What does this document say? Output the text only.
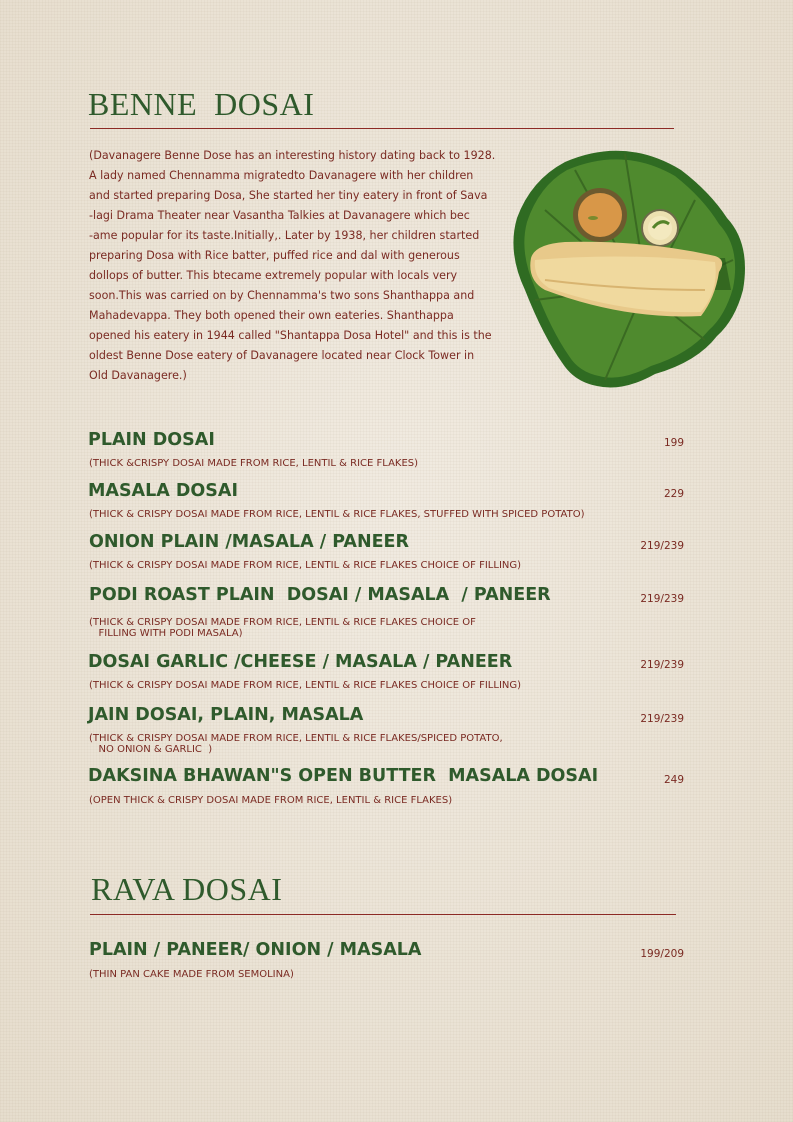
BENNE  DOSAI
(Davanagere Benne Dose has an interesting history dating back to 1928.
A lady named Chennamma migratedto Davanagere with her children
and started preparing Dosa, She started her tiny eatery in front of Sava
-lagi Drama Theater near Vasantha Talkies at Davanagere which bec
-ame popular for its taste.Initially,. Later by 1938, her children started
preparing Dosa with Rice batter, puffed rice and dal with generous
dollops of butter. This btecame extremely popular with locals very
soon.This was carried on by Chennamma's two sons Shanthappa and
Mahadevappa. They both opened their own eateries. Shanthappa
opened his eatery in 1944 called "Shantappa Dosa Hotel" and this is the
oldest Benne Dose eatery of Davanagere located near Clock Tower in
Old Davanagere.)
PLAIN DOSAI	199

(THICK &CRISPY DOSAI MADE FROM RICE, LENTIL & RICE FLAKES)

MASALA DOSAI	229

(THICK & CRISPY DOSAI MADE FROM RICE, LENTIL & RICE FLAKES, STUFFED WITH SPICED POTATO)

ONION PLAIN /MASALA / PANEER	219/239

(THICK & CRISPY DOSAI MADE FROM RICE, LENTIL & RICE FLAKES CHOICE OF FILLING)

PODI ROAST PLAIN  DOSAI / MASALA  / PANEER	219/239

(THICK & CRISPY DOSAI MADE FROM RICE, LENTIL & RICE FLAKES CHOICE OF
FILLING WITH PODI MASALA)

DOSAI GARLIC /CHEESE / MASALA / PANEER	219/239

(THICK & CRISPY DOSAI MADE FROM RICE, LENTIL & RICE FLAKES CHOICE OF FILLING)

JAIN DOSAI, PLAIN, MASALA	219/239

(THICK & CRISPY DOSAI MADE FROM RICE, LENTIL & RICE FLAKES/SPICED POTATO,
NO ONION & GARLIC  )

DAKSINA BHAWAN"S OPEN BUTTER  MASALA DOSAI	249

(OPEN THICK & CRISPY DOSAI MADE FROM RICE, LENTIL & RICE FLAKES)

RAVA DOSAI
PLAIN / PANEER/ ONION / MASALA	199/209

(THIN PAN CAKE MADE FROM SEMOLINA)
